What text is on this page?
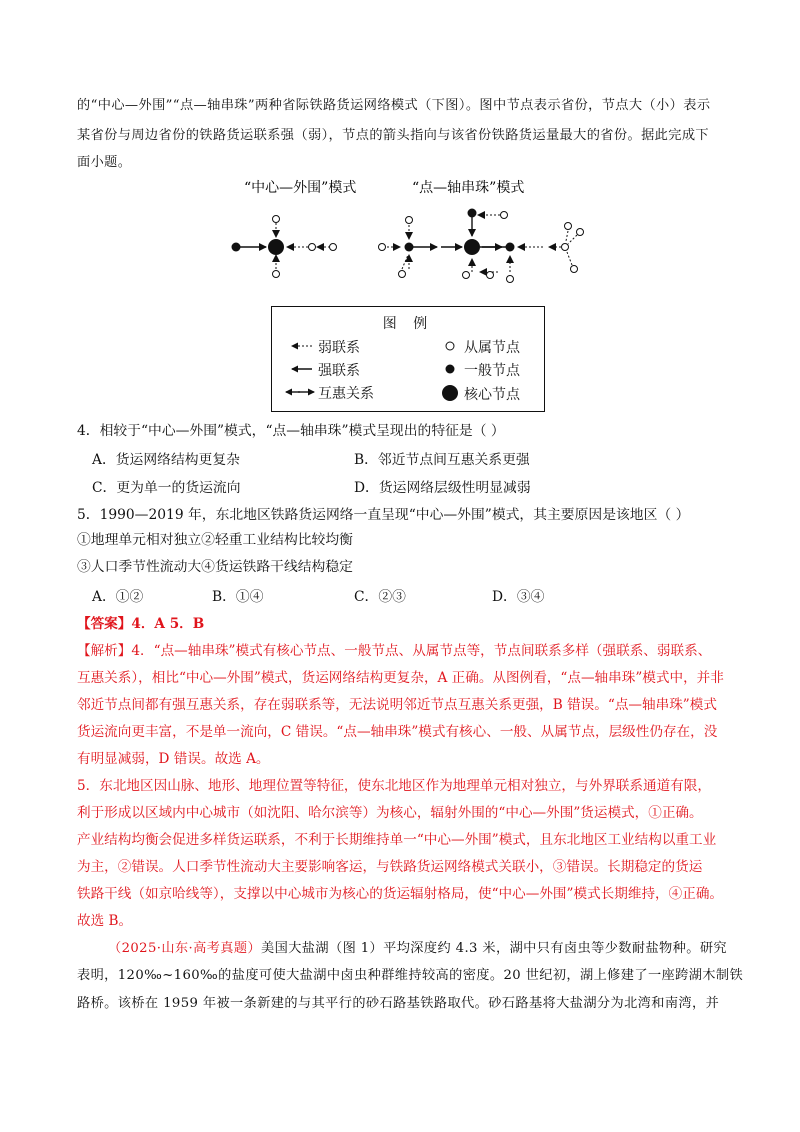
的“中心—外围”“点—轴串珠”两种省际铁路货运网络模式（下图）。图中节点表示省份，节点大（小）表示
某省份与周边省份的铁路货运联系强（弱），节点的箭头指向与该省份铁路货运量最大的省份。据此完成下
面小题。
“中心—外围”模式	“点—轴串珠”模式
图 例
弱联系
强联系
互惠关系
从属节点
一般节点
核心节点
4．相较于“中心—外围”模式，“点—轴串珠”模式呈现出的特征是（ ）
A．货运网络结构更复杂	B．邻近节点间互惠关系更强
C．更为单一的货运流向	D．货运网络层级性明显减弱
5．1990—2019 年，东北地区铁路货运网络一直呈现“中心—外围”模式，其主要原因是该地区（ ）
①地理单元相对独立②轻重工业结构比较均衡
③人口季节性流动大④货运铁路干线结构稳定
A．①②	B．①④	C．②③	D．③④
【答案】4．A 5．B
【解析】4．“点—轴串珠”模式有核心节点、一般节点、从属节点等，节点间联系多样（强联系、弱联系、
互惠关系），相比“中心—外围”模式，货运网络结构更复杂，A 正确。从图例看，“点—轴串珠”模式中，并非
邻近节点间都有强互惠关系，存在弱联系等，无法说明邻近节点互惠关系更强，B 错误。“点—轴串珠”模式
货运流向更丰富，不是单一流向，C 错误。“点—轴串珠”模式有核心、一般、从属节点，层级性仍存在，没
有明显减弱，D 错误。故选 A。
5．东北地区因山脉、地形、地理位置等特征，使东北地区作为地理单元相对独立，与外界联系通道有限，
利于形成以区域内中心城市（如沈阳、哈尔滨等）为核心，辐射外围的“中心—外围”货运模式，①正确。
产业结构均衡会促进多样货运联系，不利于长期维持单一“中心—外围”模式，且东北地区工业结构以重工业
为主，②错误。人口季节性流动大主要影响客运，与铁路货运网络模式关联小，③错误。长期稳定的货运
铁路干线（如京哈线等），支撑以中心城市为核心的货运辐射格局，使“中心—外围”模式长期维持，④正确。
故选 B。
（2025·山东·高考真题）美国大盐湖（图 1）平均深度约 4.3 米，湖中只有卤虫等少数耐盐物种。研究
表明，120‰~160‰的盐度可使大盐湖中卤虫种群维持较高的密度。20 世纪初，湖上修建了一座跨湖木制铁
路桥。该桥在 1959 年被一条新建的与其平行的砂石路基铁路取代。砂石路基将大盐湖分为北湾和南湾，并
